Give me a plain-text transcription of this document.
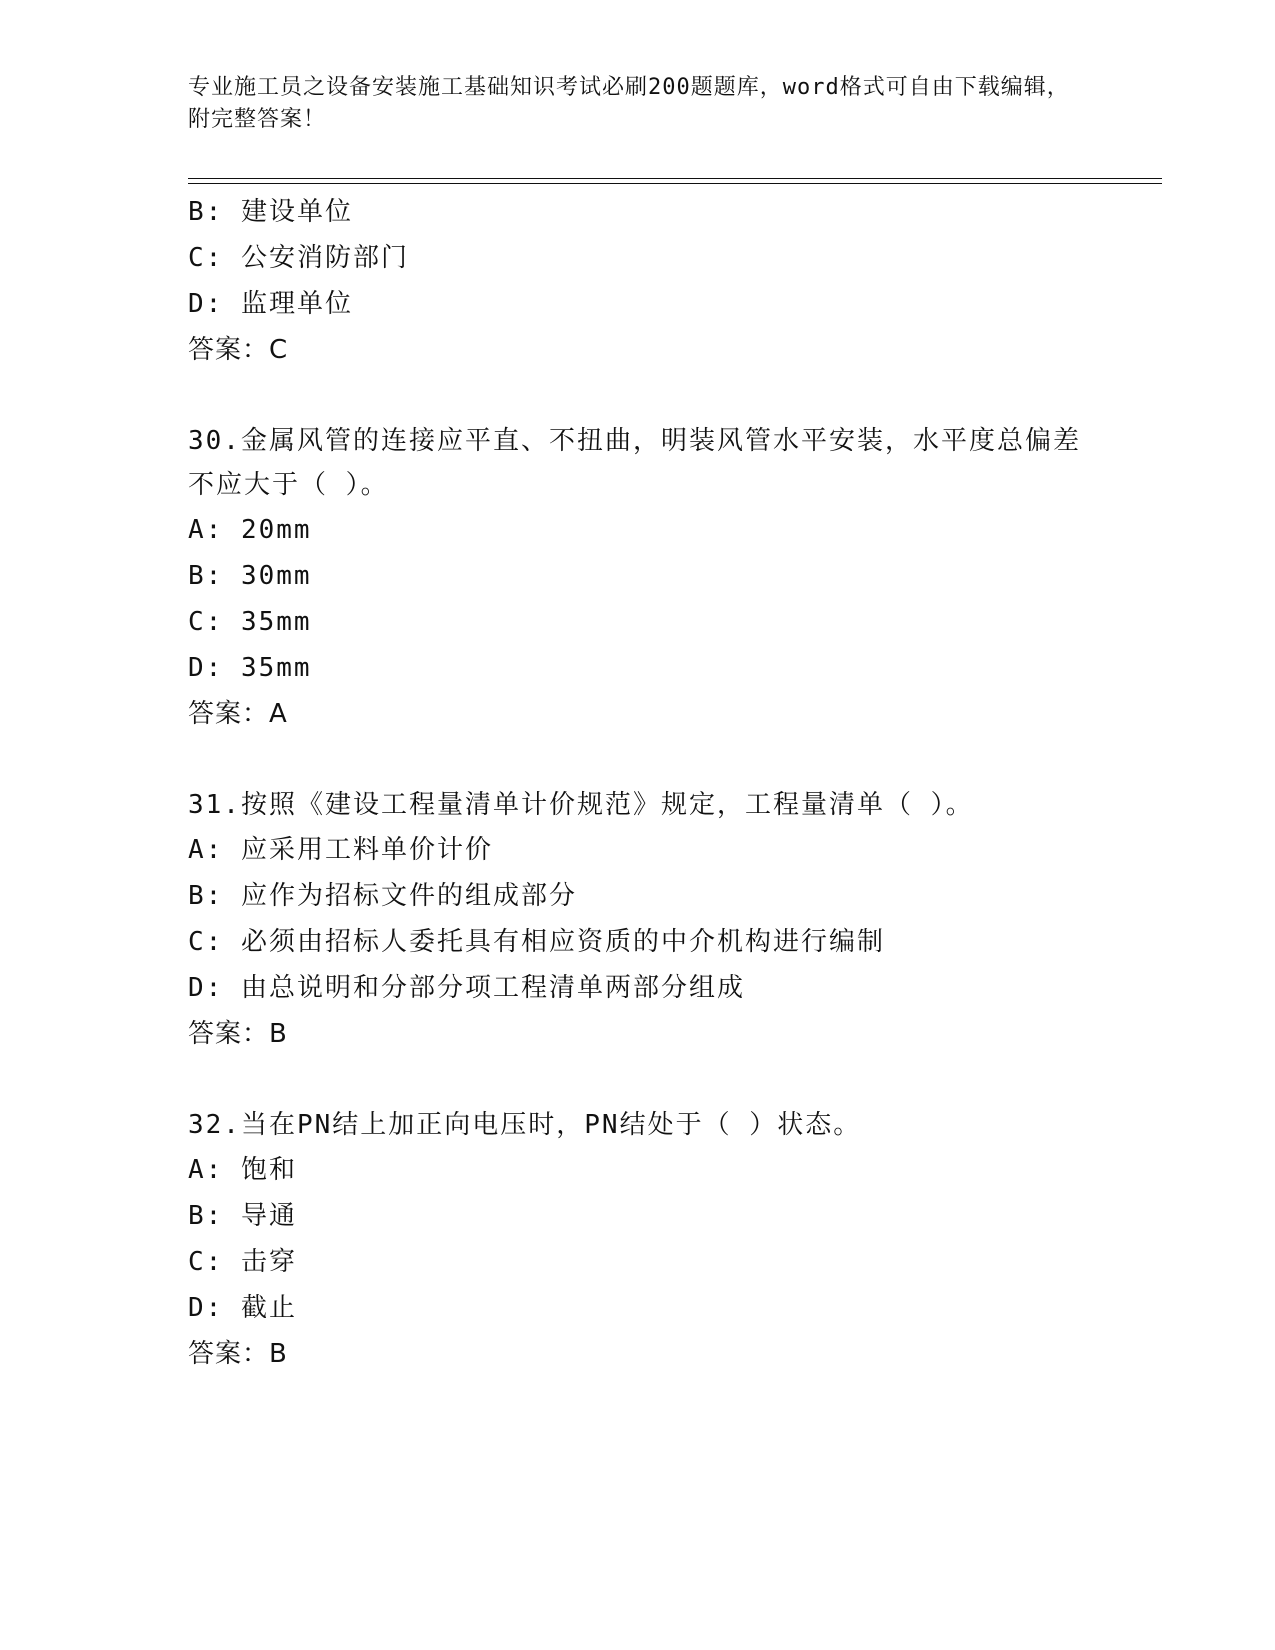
专业施工员之设备安装施工基础知识考试必刷200题题库，word格式可自由下载编辑，附完整答案！
B: 建设单位
C: 公安消防部门
D: 监理单位
答案：C
30.金属风管的连接应平直、不扭曲，明装风管水平安装，水平度总偏差不应大于（ ）。
A: 20mm
B: 30mm
C: 35mm
D: 35mm
答案：A
31.按照《建设工程量清单计价规范》规定，工程量清单（ ）。
A: 应采用工料单价计价
B: 应作为招标文件的组成部分
C: 必须由招标人委托具有相应资质的中介机构进行编制
D: 由总说明和分部分项工程清单两部分组成
答案：B
32.当在PN结上加正向电压时，PN结处于（ ）状态。
A: 饱和
B: 导通
C: 击穿
D: 截止
答案：B
